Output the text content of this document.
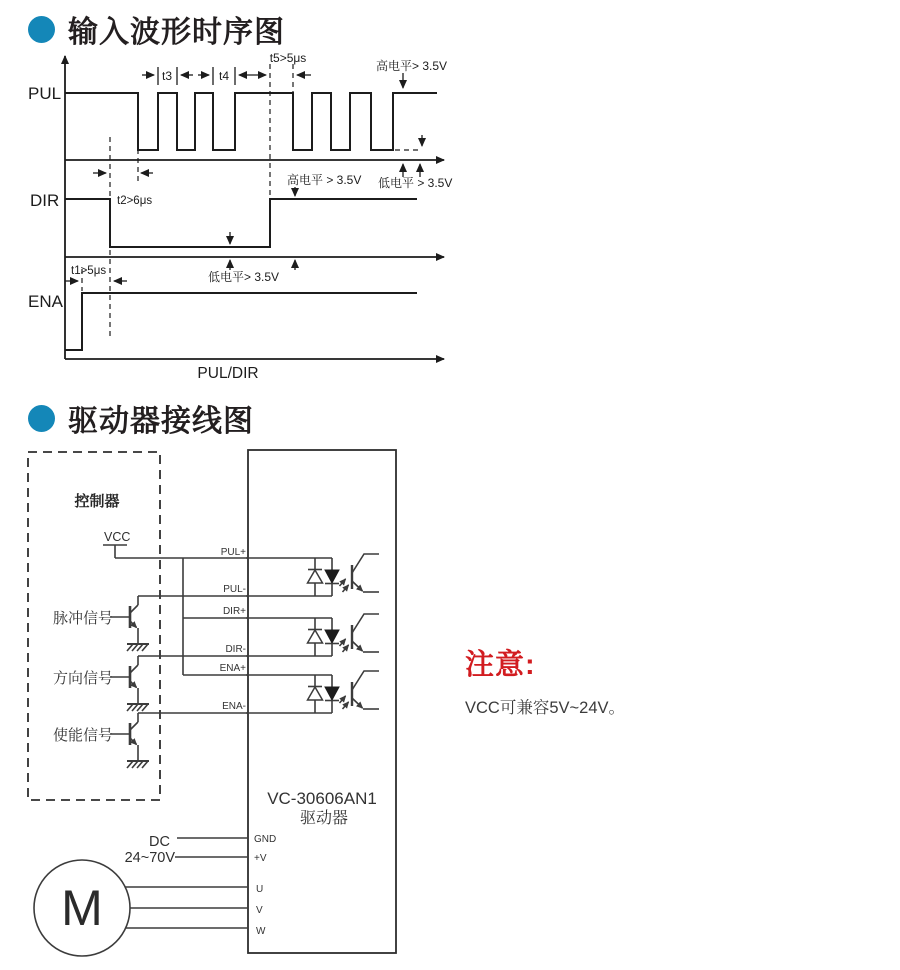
PUL
DIR
ENA
t3	t4
t5>5μs
t2>6μs
t1>5μs
高电平> 3.5V
低电平 > 3.5V
高电平 > 3.5V
低电平> 3.5V
PUL/DIR
控制器
VCC
脉冲信号
方向信号
使能信号
PUL+
PUL-
DIR+
DIR-
ENA+
ENA-
VC-30606AN1
驱动器
GND
+V
DC
24~70V
U
V
W
M
输入波形时序图
驱动器接线图
注意:
VCC可兼容5V~24V。
